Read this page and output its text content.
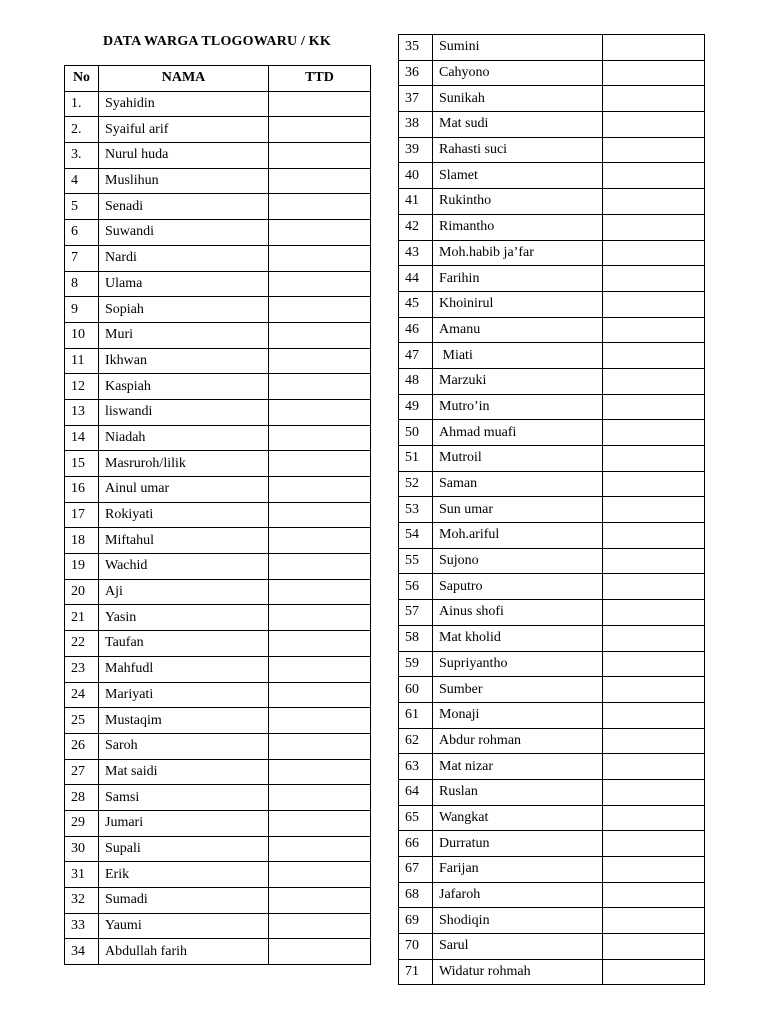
DATA WARGA TLOGOWARU / KK
No	NAMA	TTD
1.	Syahidin	
2.	Syaiful arif	
3.	Nurul huda	
4	Muslihun	
5	Senadi	
6	Suwandi	
7	Nardi	
8	Ulama	
9	Sopiah	
10	Muri	
11	Ikhwan	
12	Kaspiah	
13	liswandi	
14	Niadah	
15	Masruroh/lilik	
16	Ainul umar	
17	Rokiyati	
18	Miftahul	
19	Wachid	
20	Aji	
21	Yasin	
22	Taufan	
23	Mahfudl	
24	Mariyati	
25	Mustaqim	
26	Saroh	
27	Mat saidi	
28	Samsi	
29	Jumari	
30	Supali	
31	Erik	
32	Sumadi	
33	Yaumi	
34	Abdullah farih	
35	Sumini	
36	Cahyono	
37	Sunikah	
38	Mat sudi	
39	Rahasti suci	
40	Slamet	
41	Rukintho	
42	Rimantho	
43	Moh.habib ja’far	
44	Farihin	
45	Khoinirul	
46	Amanu	
47	Miati	
48	Marzuki	
49	Mutro’in	
50	Ahmad muafi	
51	Mutroil	
52	Saman	
53	Sun umar	
54	Moh.ariful	
55	Sujono	
56	Saputro	
57	Ainus shofi	
58	Mat kholid	
59	Supriyantho	
60	Sumber	
61	Monaji	
62	Abdur rohman	
63	Mat nizar	
64	Ruslan	
65	Wangkat	
66	Durratun	
67	Farijan	
68	Jafaroh	
69	Shodiqin	
70	Sarul	
71	Widatur rohmah	
